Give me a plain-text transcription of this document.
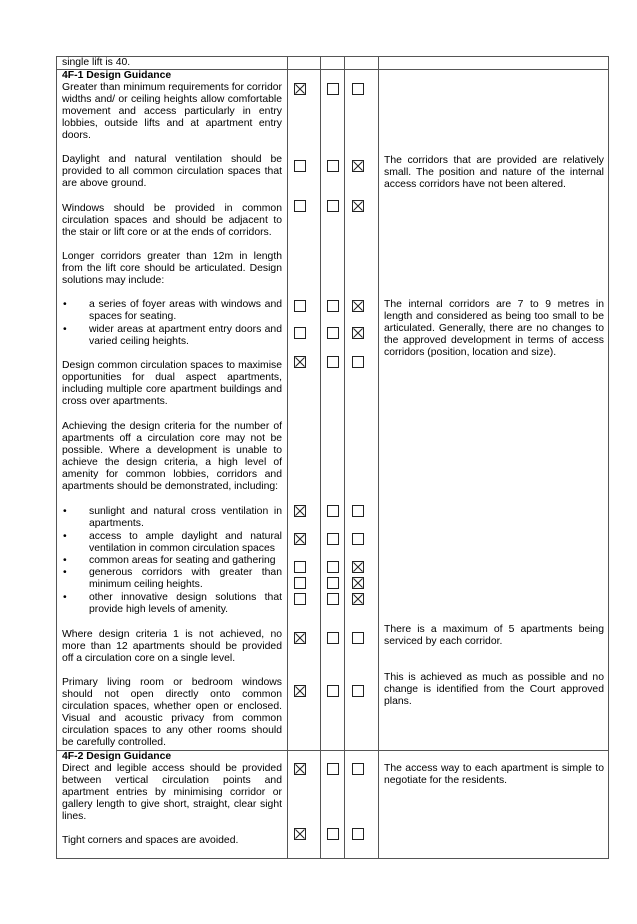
single lift is 40.
4F-1 Design Guidance
Greater than minimum requirements for corridor widths and/ or ceiling heights allow comfortable movement and access particularly in entry lobbies, outside lifts and at apartment entry doors.
Daylight and natural ventilation should be provided to all common circulation spaces that are above ground.
Windows should be provided in common circulation spaces and should be adjacent to the stair or lift core or at the ends of corridors.
Longer corridors greater than 12m in length from the lift core should be articulated. Design solutions may include:
• a series of foyer areas with windows and spaces for seating.
• wider areas at apartment entry doors and varied ceiling heights.
Design common circulation spaces to maximise opportunities for dual aspect apartments, including multiple core apartment buildings and cross over apartments.
Achieving the design criteria for the number of apartments off a circulation core may not be possible. Where a development is unable to achieve the design criteria, a high level of amenity for common lobbies, corridors and apartments should be demonstrated, including:
• sunlight and natural cross ventilation in apartments.
• access to ample daylight and natural ventilation in common circulation spaces
• common areas for seating and gathering
• generous corridors with greater than minimum ceiling heights.
• other innovative design solutions that provide high levels of amenity.
Where design criteria 1 is not achieved, no more than 12 apartments should be provided off a circulation core on a single level.
Primary living room or bedroom windows should not open directly onto common circulation spaces, whether open or enclosed. Visual and acoustic privacy from common circulation spaces to any other rooms should be carefully controlled.
The corridors that are provided are relatively small. The position and nature of the internal access corridors have not been altered.
The internal corridors are 7 to 9 metres in length and considered as being too small to be articulated. Generally, there are no changes to the approved development in terms of access corridors (position, location and size).
There is a maximum of 5 apartments being serviced by each corridor.
This is achieved as much as possible and no change is identified from the Court approved plans.
4F-2 Design Guidance
Direct and legible access should be provided between vertical circulation points and apartment entries by minimising corridor or gallery length to give short, straight, clear sight lines.
Tight corners and spaces are avoided.
The access way to each apartment is simple to negotiate for the residents.
